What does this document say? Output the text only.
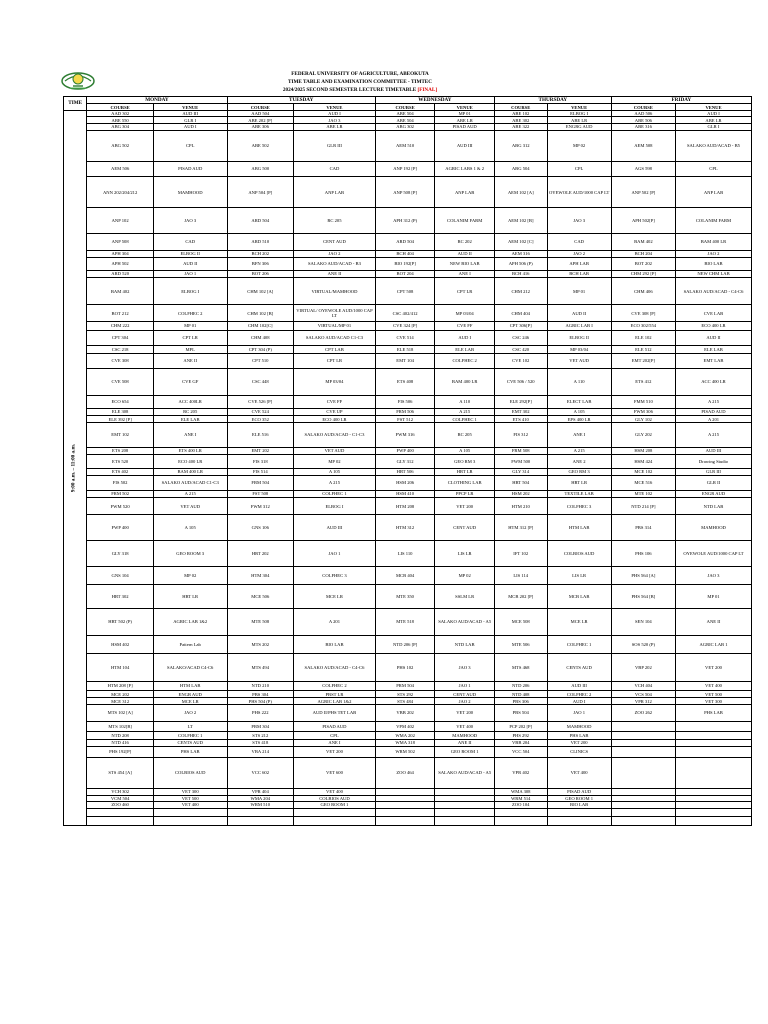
FEDERAL UNIVERSITY OF AGRICULTURE, ABEOKUTA
TIME TABLE AND EXAMINATION COMMITTEE - TIMTEC
2024/2025 SECOND SEMESTER LECTURE TIMETABLE [FINAL]
TIME	MONDAY		TUESDAY		WEDNESDAY		THURSDAY		FRIDAY	
	COURSE	VENUE	COURSE	VENUE	COURSE	VENUE	COURSE	VENUE	COURSE	VENUE

9:00 a.m. – 11:00 a.m.	AAD 302	AUD III	AAD 504	AUD I	ABE 504	MP 01	ABE 102	ELBOG I	AAD 506	AUD I
	ABE 550	GLR I	ABE 202 [P]	JAO 3	ABE 504	ABE LR	ABE 302	ABE LR	ABE 506	ABE LR
	ABG 304	AUD I	ABE 306	ABE LR	ABG 302	PISAD AUD	ABE 322	ENGRG AUD	ABE 316	GLR I
	ABG 502	CPL	ABE 502	GLR III	AEM 510	AUD III	ABG 312	MP 02	AEM 508	SALAKO AUD/ACAD - B5
	AEM 506	PISAD AUD	ABG 500	CAD	ANP 192 [P]	AGRIC LABS 1 & 2	ABG 504	CPL	AGS 598	CPL
	ANN 202/204/212	MAMHOOD	ANP 504 [P]	ANP LAB	ANP 508 [P]	ANP LAB	AEM 102 [A]	OYEWOLE AUD/1000 CAP LT	ANP 502 [P]	ANP LAB
	ANP 102	JAO 3	ARD 504	RC 205	APH 312 (P)	COLANIM FARM	AEM 102 [B]	JAO 3	APH 502[P]	COLANIM FARM
	ANP 508	CAD	ARD 510	CENT AUD	ARD 504	RC 202	AEM 102 [C]	CAD	BAM 402	BAM 400 LR
	APH 304	ELBOG II	BCH 202	JAO 2	BCH 404	AUD II	AEM 316	JAO 2	BCH 204	JAO 2
	APH 502	AUD II	BFN 306	SALAKO AUD/ACAD - B3	BIO 192[P]	NEW BIO LAB	APH 506 (P)	APH LAB	BOT 202	BIO LAB
	ARD 520	JAO 1	BOT 206	ANE II	BOT 204	ANE I	BCH 416	BCH LAB	CHM 292 [P]	NEW CHM LAB
	BAM 402	ELBOG I	CHM 102 [A]	VIRTUAL/MAMHOOD	CPT 508	CPT LR	CHM 212	MP 01	CHM 406	SALAKO AUD/ACAD - C4-C6
	BOT 212	COLFHEC 2	CHM 102 [B]	VIRTUAL/ OYEWOLE AUD/1000 CAP LT	CSC 402/412	MP 03/04	CHM 404	AUD II	CVE 308 [P]	CVE LAB
	CHM 222	MP 01	CHM 102[C]	VIRTUAL/MP 01	CVE 324 [P]	CVE FF	CPT 306[P]	AGRIC LAB I	ECO 302/554	ECO 400 LR
	CPT 304	CPT LR	CHM 408	SALAKO AUD/ACAD C1-C3	CVE 514	AUD I	CSC 246	ELBOG II	ELE 102	AUD II
	CSC 218	MPL	CPT 304 (P)	CPT LAB	ELE 518	ELE LAB	CSC 420	MP 03/04	ELE 512	ELE LAB
	CVE 308	ANE II	CPT 510	CPT LR	EMT 104	COLFHEC 2	CVE 102	VET AUD	EMT 202[P]	EMT LAB
	CVE 508	CVE GF	CSC 448	MP 03/04	ETS 408	BAM 400 LR	CVE 506 / 520	A 110	ETS 412	ACC 400 LR
	ECO 654	ACC 400LR	CVE 526 [P]	CVE FF	FIS 506	A 110	ELE 292[P]	ELECT LAB	FMM 510	A 215
	ELE 308	RC 205	CVE 524	CVE UP	FRM 506	A 215	EMT 302	A 105	FWM 306	PISAD AUD
	ELE 392 [P]	ELE LAB	ECO 352	ECO 400 LR	FST 512	COLFHEC 1	ETS 410	EPS 400 LR	GLY 102	A 201
	EMT 102	ANE I	ELE 516	SALAKO AUD/ACAD - C1-C3	FWM 316	RC 205	FIS 312	ANE I	GLY 202	A 215
	ETS 208	ETS 400 LR	EMT 202	VET AUD	FWP 400	A 105	FRM 508	A 215	HSM 208	AUD III
	ETS 520	ECO 400 LR	FIS 318	MP 02	GLY 312	GEO RM 3	FWM 500	ANE 2	HSM 424	Drawing Studio
	ETS 402	BAM 400 LR	FIS 514	A 105	HRT 506	HRT LR	GLY 314	GEO RM 3	MCE 102	GLR III
	FIS 502	SALAKO AUD/ACAD C1-C3	FRM 504	A 215	HSM 206	CLOTHING LAB	HRT 504	HRT LR	MCE 516	GLR II
	FRM 502	A 215	FST 508	COLFHEC 1	HSM 410	PPCP LR	HSM 202	TEXTILE LAB	MTE 102	ENGR AUD
	FWM 520	VET AUD	FWM 312	ELBOG I	HTM 208	VET 200	HTM 210	COLFHEC 3	NTD 214 [P]	NTD LAB
	FWP 400	A 105	GNS 106	AUD III	HTM 312	CENT AUD	HTM 312 [P]	HTM LAB	PBS 314	MAMHOOD
	GLY 318	GEO ROOM 3	HRT 202	JAO 1	LIS 110	LIS LR	IFT 102	COLBIOS AUD	PHS 106	OYEWOLE AUD/1000 CAP LT
	GNS 104	MP 02	HTM 304	COLFHEC 3	MCB 404	MP 02	LIS 114	LIS LR	PHS 564 [A]	JAO 3
	HRT 302	HRT LR	MCE 506	MCE LR	MTE 350	SSLM LR	MCB 202 [P]	MCB LAB	PHS 564 [B]	MP 01
	HRT 502 (P)	AGRIC LAB 1&2	MTE 508	A 201	MTE 518	SALAKO AUD/ACAD - A5	MCE 508	MCE LR	SEN 104	ANE II
	HSM 402	Pattern Lab	MTS 202	BIO LAB	NTD 206 [P]	NTD LAB	MTE 506	COLFHEC 1	SOS 520 (P)	AGRIC LAB 1
	HTM 104	SALAKO/ACAD C4-C6	MTS 494	SALAKO AUD/ACAD - C4-C6	PHS 102	JAO 3	MTS 468	CENTS AUD	VBP 202	VET 200
	HTM 208 [P]	HTM LAB	NTD 210	COLFHEC 2	PRM 504	JAO 1	NTD 206	AUD III	VCH 404	VET 400
	MCE 202	ENGR AUD	PBS 304	PBST LR	STS 292	CENT AUD	NTD 408	COLFHEC 2	VCS 504	VET 500
	MCE 312	MCE LR	PHS 504 (P)	AGRIC LAB 1&2	STS 484	JAO 2	PBS 306	AUD I	VPR 312	VET 300
	MTS 102 [A]	JAO 2	PHS 222	AUD II/PHS TET LAB	VBB 202	VET 200	PBS 504	JAO 1	ZOO 262	PHS LAB
	MTS 102[B]	LT	PRM 304	PISAD AUD	VPM 402	VET 400	PCP 202 [P]	MAMHOOD		
	NTD 208	COLFHEC 1	STS 212	CPL	WMA 202	MAMHOOD	PHS 292	PHS LAB		
	NTD 416	CENTS AUD	STS 418	ANE I	WMA 318	ANE II	VBB 204	VET 200		
	PHS 192[P]	PHS LAB	VBA 214	VET 200	WRM 502	GEO ROOM 1	VCC 504	CLINICS		
	STS 454 [A]	COLBIOS AUD	VCC 602	VET 600	ZOO 464	SALAKO AUD/ACAD - A5	VPR 402	VET 400		
	VCH 302	VET 300	VPR 404	VET 400			WMA 308	PISAD AUD		
	VCM 504	VET 500	WMA 204	COLBIOS AUD			WRM 514	GEO ROOM 1		
	ZOO 460	VET 400	WRM 510	GEO ROOM 1			ZOO 104	BIO LAB		
